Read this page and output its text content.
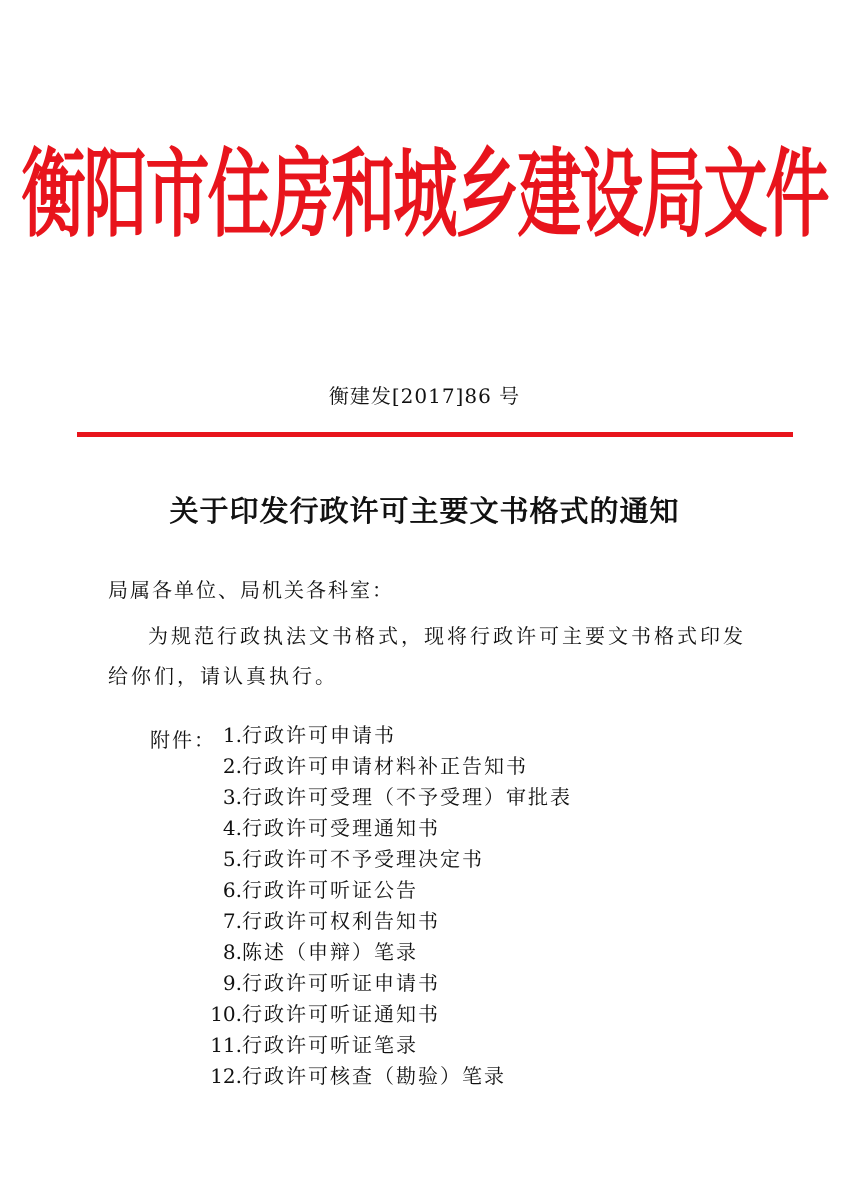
衡阳市住房和城乡建设局文件
衡建发[2017]86 号
关于印发行政许可主要文书格式的通知
局属各单位、局机关各科室：
为规范行政执法文书格式，现将行政许可主要文书格式印发给你们，请认真执行。
附件： 1.行政许可申请书
2.行政许可申请材料补正告知书
3.行政许可受理（不予受理）审批表
4.行政许可受理通知书
5.行政许可不予受理决定书
6.行政许可听证公告
7.行政许可权利告知书
8.陈述（申辩）笔录
9.行政许可听证申请书
10.行政许可听证通知书
11.行政许可听证笔录
12.行政许可核查（勘验）笔录
